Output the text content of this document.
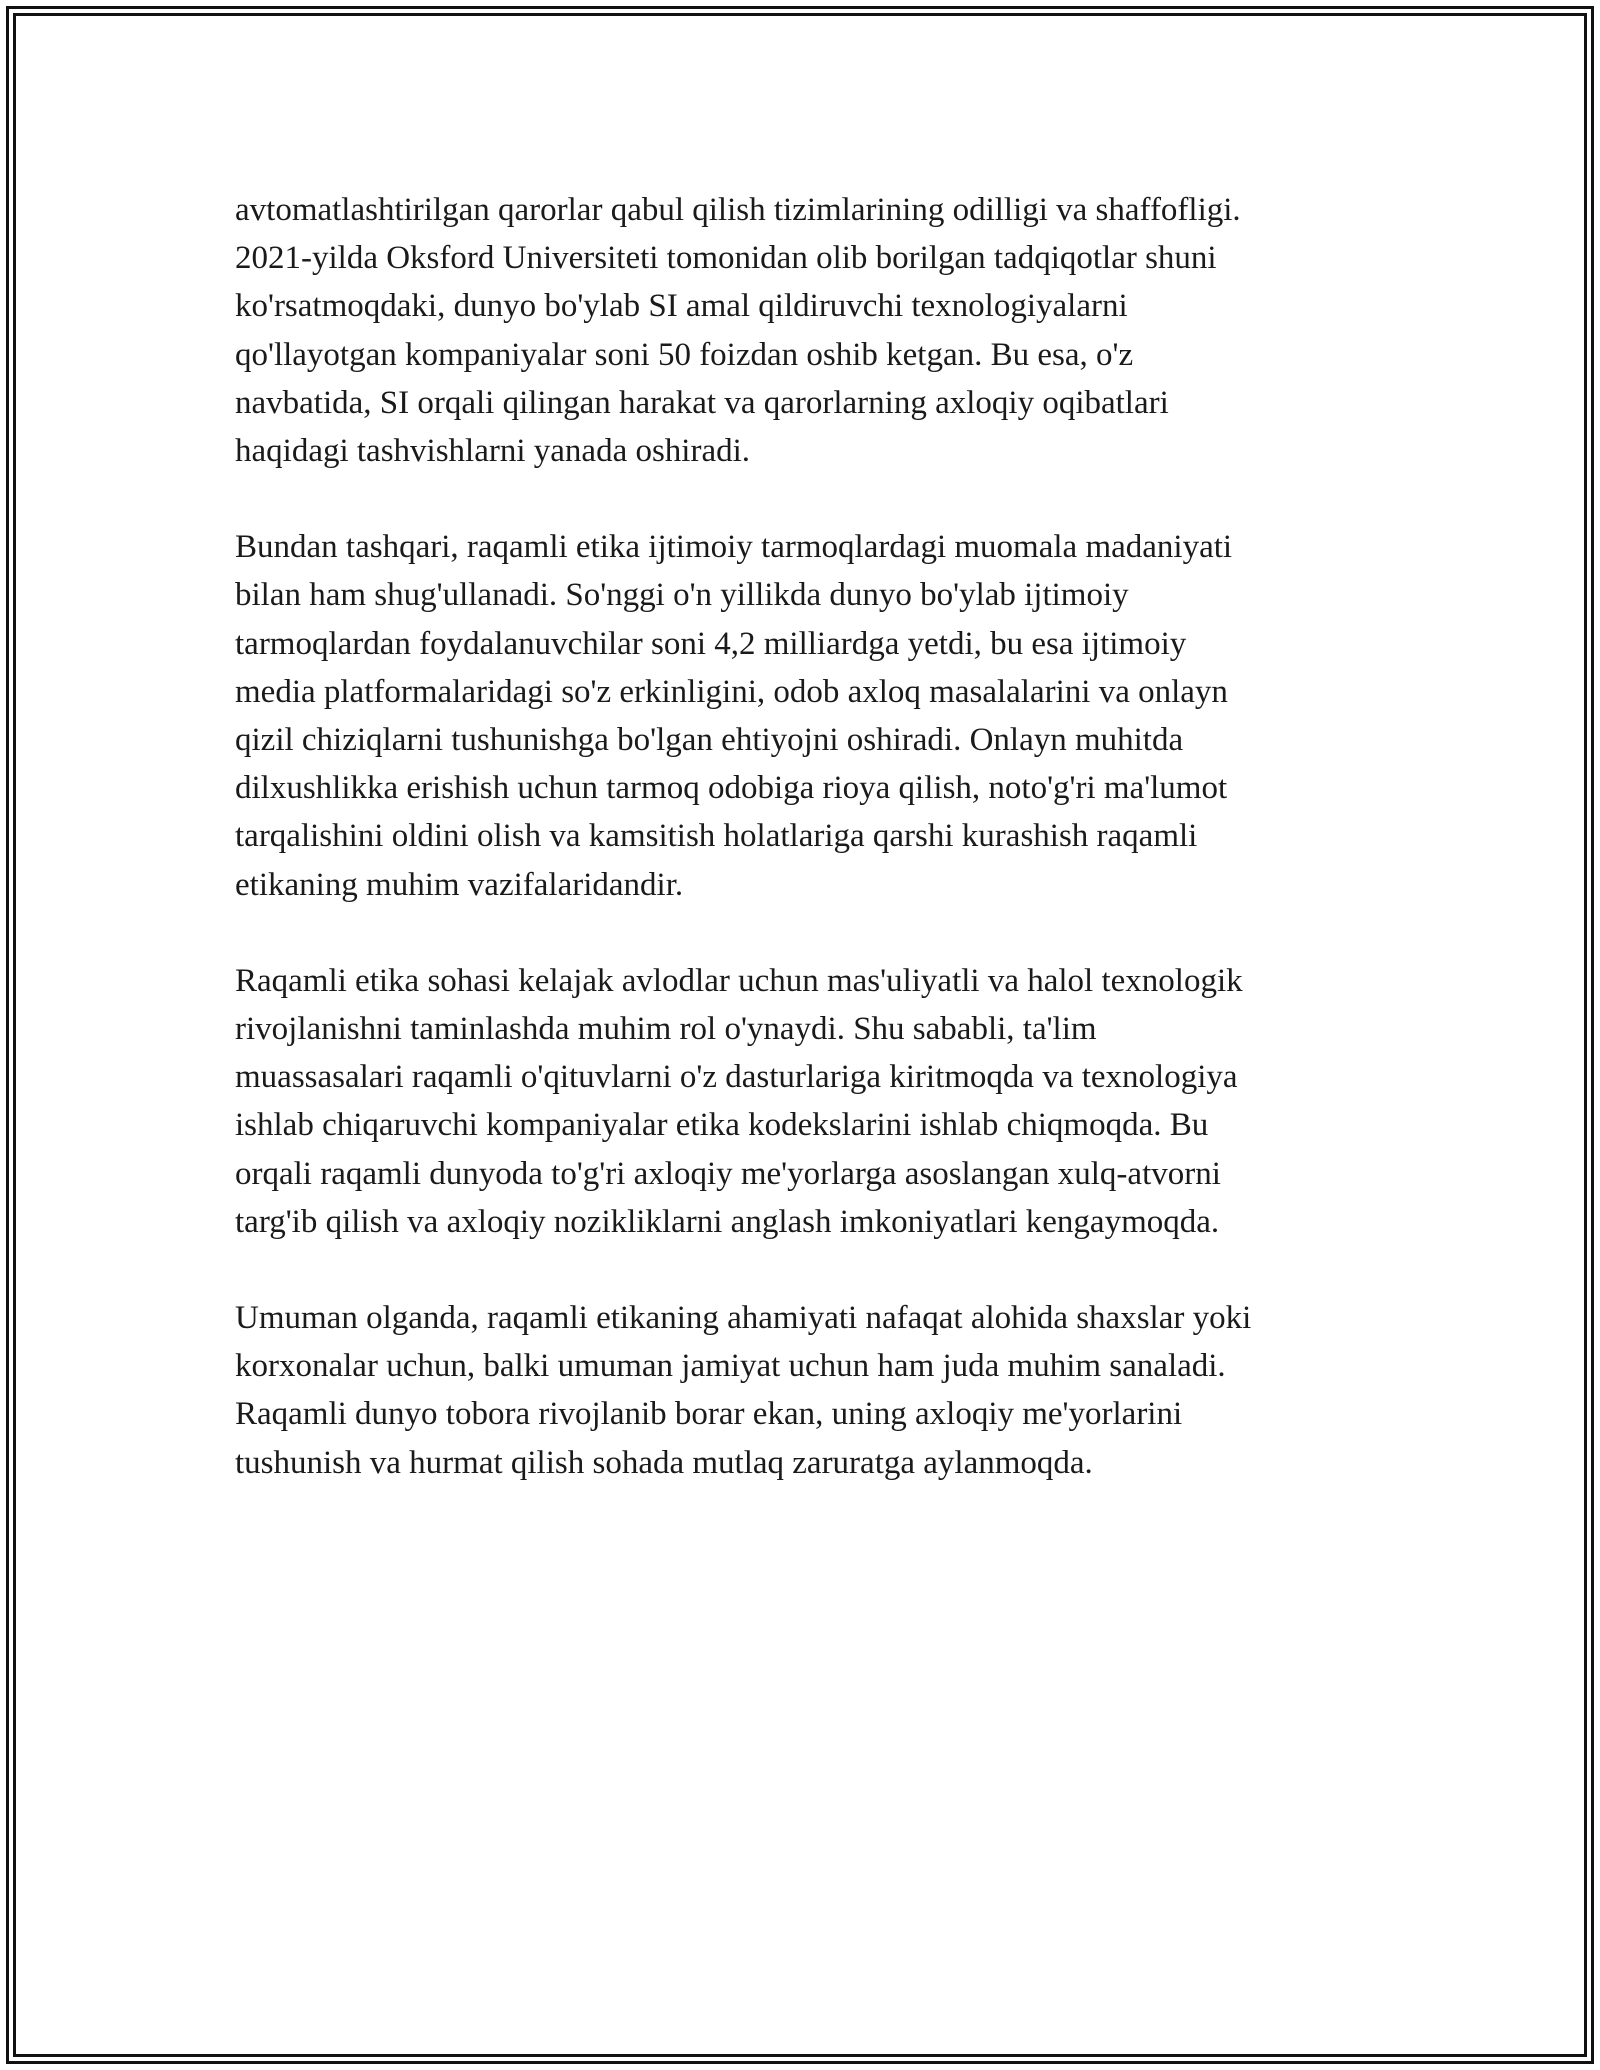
avtomatlashtirilgan qarorlar qabul qilish tizimlarining odilligi va shaffofligi.
2021-yilda Oksford Universiteti tomonidan olib borilgan tadqiqotlar shuni
ko'rsatmoqdaki, dunyo bo'ylab SI amal qildiruvchi texnologiyalarni
qo'llayotgan kompaniyalar soni 50 foizdan oshib ketgan. Bu esa, o'z
navbatida, SI orqali qilingan harakat va qarorlarning axloqiy oqibatlari
haqidagi tashvishlarni yanada oshiradi.

Bundan tashqari, raqamli etika ijtimoiy tarmoqlardagi muomala madaniyati
bilan ham shug'ullanadi. So'nggi o'n yillikda dunyo bo'ylab ijtimoiy
tarmoqlardan foydalanuvchilar soni 4,2 milliardga yetdi, bu esa ijtimoiy
media platformalaridagi so'z erkinligini, odob axloq masalalarini va onlayn
qizil chiziqlarni tushunishga bo'lgan ehtiyojni oshiradi. Onlayn muhitda
dilxushlikka erishish uchun tarmoq odobiga rioya qilish, noto'g'ri ma'lumot
tarqalishini oldini olish va kamsitish holatlariga qarshi kurashish raqamli
etikaning muhim vazifalaridandir.

Raqamli etika sohasi kelajak avlodlar uchun mas'uliyatli va halol texnologik
rivojlanishni taminlashda muhim rol o'ynaydi. Shu sababli, ta'lim
muassasalari raqamli o'qituvlarni o'z dasturlariga kiritmoqda va texnologiya
ishlab chiqaruvchi kompaniyalar etika kodekslarini ishlab chiqmoqda. Bu
orqali raqamli dunyoda to'g'ri axloqiy me'yorlarga asoslangan xulq-atvorni
targ'ib qilish va axloqiy nozikliklarni anglash imkoniyatlari kengaymoqda.

Umuman olganda, raqamli etikaning ahamiyati nafaqat alohida shaxslar yoki
korxonalar uchun, balki umuman jamiyat uchun ham juda muhim sanaladi.
Raqamli dunyo tobora rivojlanib borar ekan, uning axloqiy me'yorlarini
tushunish va hurmat qilish sohada mutlaq zaruratga aylanmoqda.
